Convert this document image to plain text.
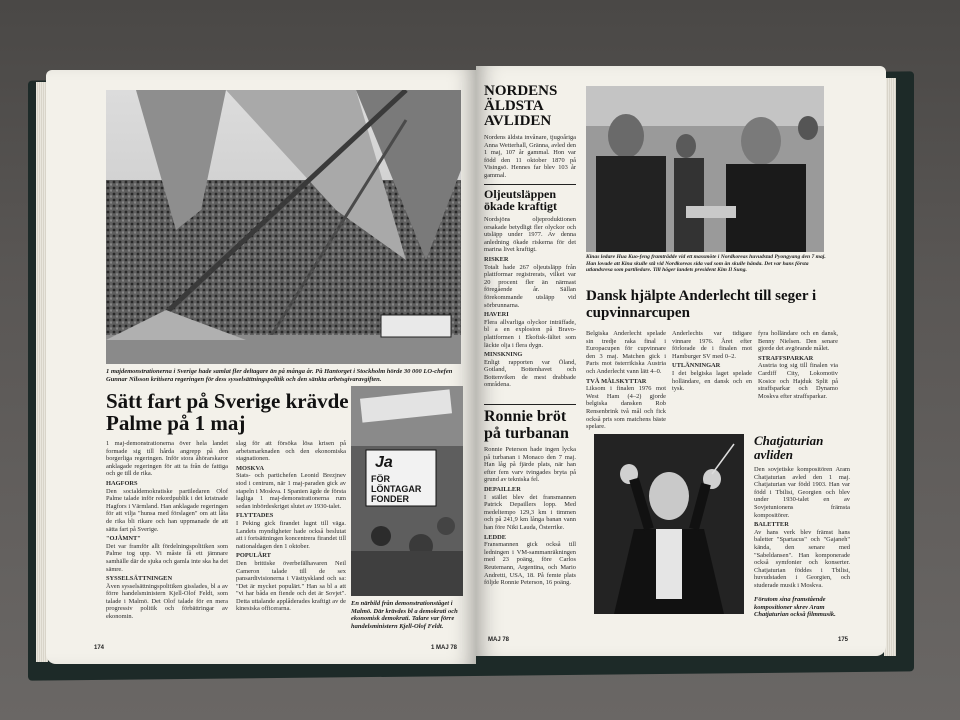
1 majdemonstrationerna i Sverige hade samlat fler deltagare än på många år. På Hantorget i Stockholm hörde 30 000 LO-chefen Gunnar Nilsson kritisera regeringen för dess sysselsättningspolitik och den sänkta arbetsgivaravgiften.
Sätt fart på Sverige krävde Palme på 1 maj
1 maj-demonstrationerna över hela landet formade sig till hårda angrepp på den borgerliga regeringen. Inför stora åhörarskaror anklagade regeringen för att ta från de fattiga och ge till de rika.
HAGFORS
Den socialdemokratiske partiledaren Olof Palme talade inför rekordpublik i det kristnade Hagfors i Värmland. Han anklagade regeringen för att vilja "hunsa med förslagen" om att låta de rika bli rikare och han uppmanade de att sätta fart på Sverige.
"OJÄMNT"
Det var framför allt fördelningspolitiken som Palme tog upp. Vi måste få ett jämnare samhälle där de sjuka och gamla inte ska ha det sämre.
SYSSELSÄTTNINGEN
Även sysselsättningspolitiken gisslades, bl a av förre handelsministern Kjell-Olof Feldt, som talade i Malmö. Det Olof talade för en mera progressiv politik och förbättringar av ekonomin.
slag för att försöka lösa krisen på arbetsmarknaden och den ekonomiska stagnationen.
MOSKVA
Stats- och partichefen Leonid Brezjnev stod i centrum, när 1 maj-paraden gick av stapeln i Moskva. I Spanien ägde de första lagliga 1 maj-demonstrationerna rum sedan inbördeskriget slutet av 1930-talet.
FLYTTADES
I Peking gick firandet lugnt till väga. Landets myndigheter hade också beslutat att i fortsättningen koncentrera firandet till nationaldagen den 1 oktober.
POPULÄRT
Den brittiske överbefälhavaren Neil Cameron talade till de sex pansardivisionerna i Västtyskland och sa: "Det är mycket populärt." Han sa bl a att "vi har båda en fiende och det är Sovjet". Detta uttalande applåderades kraftigt av de kinesiska officerarna.
Ja
FÖR LÖNTAGAR FONDER
En närbild från demonstrationståget i Malmö. Där krävdes bl a demokrati och ekonomisk demokrati. Talare var förre handelsministern Kjell-Olof Feldt.
174	1 MAJ 78
NORDENS ÄLDSTA AVLIDEN
Nordens äldsta invånare, tjugoåriga Anna Wetterhall, Gränna, avled den 1 maj, 107 år gammal. Hon var född den 11 oktober 1870 på Visingsö. Hennes far blev 103 år gammal.
Oljeutsläppen ökade kraftigt
Nordsjöns oljeproduktionen orsakade betydligt fler olyckor och utsläpp under 1977. Av denna anledning ökade riskerna för det marina livet kraftigt.
RISKER
Totalt hade 267 oljeutsläpp från plattformar registrerats, vilket var 20 procent fler än närmast föregående år. Sällan förekommande utsläpp vid sörbrunnarna.
HAVERI
Flera allvarliga olyckor inträffade, bl a en explosion på Bravo-plattformen i Ekofisk-fältet som läckte olja i flera dygn.
MINSKNING
Enligt rapporten var Öland, Gotland, Bottenhavet och Bottenviken de mest drabbade områdena.
Ronnie bröt på turbanan
Ronnie Peterson hade ingen lycka på turbanan i Monaco den 7 maj. Han låg på fjärde plats, när han efter fem varv tvingades bryta på grund av tekniska fel.
DEPAILLER
I stället blev det fransmannen Patrick Depaillers lopp. Med medeltempo 129,3 km i timmen och på 241,9 km långa banan vann han före Niki Lauda, Österrike.
LEDDE
Fransmannen gick också till ledningen i VM-sammanräkningen med 23 poäng, före Carlos Reutemann, Argentina, och Mario Andretti, USA, 18. På femte plats följde Ronnie Peterson, 16 poäng.
Kinas ledare Hua Kuo-feng framträdde vid ett massmöte i Nordkoreas huvudstad Pyongyang den 7 maj. Han lovade att Kina skulle stå vid Nordkoreas sida vad som än skulle hända. Det var hans första utlandsresa som partiledare. Till höger landets president Kim Il Sung.
Dansk hjälpte Anderlecht till seger i cupvinnarcupen
Belgiska Anderlecht spelade sin tredje raka final i Europacupen för cupvinnare den 3 maj. Matchen gick i Paris mot österrikiska Austria och Anderlecht vann lätt 4–0.
TVÅ MÅLSKYTTAR
Liksom i finalen 1976 mot West Ham (4–2) gjorde belgiska dansken Rob Rensenbrink två mål och fick också pris som matchens bäste spelare.
Anderlechts var tidigare vinnare 1976. Året efter förlorade de i finalen mot Hamburger SV med 0–2.
UTLÄNNINGAR
I det belgiska laget spelade holländare, en dansk och en tysk.
fyra holländare och en dansk, Benny Nielsen. Den senare gjorde det avgörande målet.
STRAFFSPARKAR
Austria tog sig till finalen via Cardiff City, Lokomotiv Kosice och Hajduk Split på straffsparkar och Dynamo Moskva efter straffsparkar.
Chatjaturian avliden
Den sovjetiske kompositören Aram Chatjaturian avled den 1 maj. Chatjaturian var född 1903. Han var född i Tbilisi, Georgien och blev under 1930-talet en av Sovjetunionens främsta kompositörer.
BALETTER
Av hans verk blev främst hans baletter "Spartacus" och "Gajaneh" kända, den senare med "Sabeldansen". Han komponerade också symfonier och konserter. Chatjaturian föddes i Tbilisi, huvudstaden i Georgien, och studerade musik i Moskva.
Förutom sina framstående kompositioner skrev Aram Chatjaturian också filmmusik.
MAJ 78	175
